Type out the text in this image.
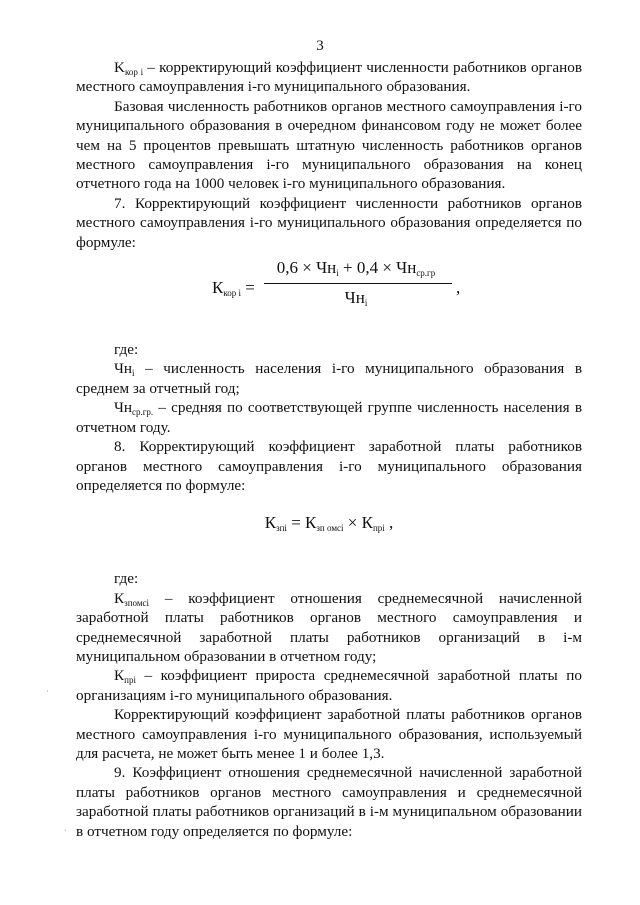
3

$K_{кор i}$ – корректирующий коэффициент численности работников органов местного самоуправления i-го муниципального образования.

Базовая численность работников органов местного самоуправления i-го муниципального образования в очередном финансовом году не может более чем на 5 процентов превышать штатную численность работников органов местного самоуправления i-го муниципального образования на конец отчетного года на 1000 человек i-го муниципального образования.

7. Корректирующий коэффициент численности работников органов местного самоуправления i-го муниципального образования определяется по формуле:

$К_{кор i}$ =
$0,6 \times Чн_i + 0,4 \times Чн_{ср.гр}$
$Чн_i$
,

где:

$Чн_i$ – численность населения i-го муниципального образования в среднем за отчетный год;

$Чн_{ср.гр.}$ – средняя по соответствующей группе численность населения в отчетном году.

8. Корректирующий коэффициент заработной платы работников органов местного самоуправления i-го муниципального образования определяется по формуле:

$К_{зпi} = К_{зп омсi} \times К_{прi}$ ,

где:

$К_{зпомсi}$ – коэффициент отношения среднемесячной начисленной заработной платы работников органов местного самоуправления и среднемесячной заработной платы работников организаций в i-м муниципальном образовании в отчетном году;

$К_{прi}$ – коэффициент прироста среднемесячной заработной платы по организациям i-го муниципального образования.

Корректирующий коэффициент заработной платы работников органов местного самоуправления i-го муниципального образования, используемый для расчета, не может быть менее 1 и более 1,3.

9. Коэффициент отношения среднемесячной начисленной заработной платы работников органов местного самоуправления и среднемесячной заработной платы работников организаций в i-м муниципальном образовании в отчетном году определяется по формуле:

·
·
